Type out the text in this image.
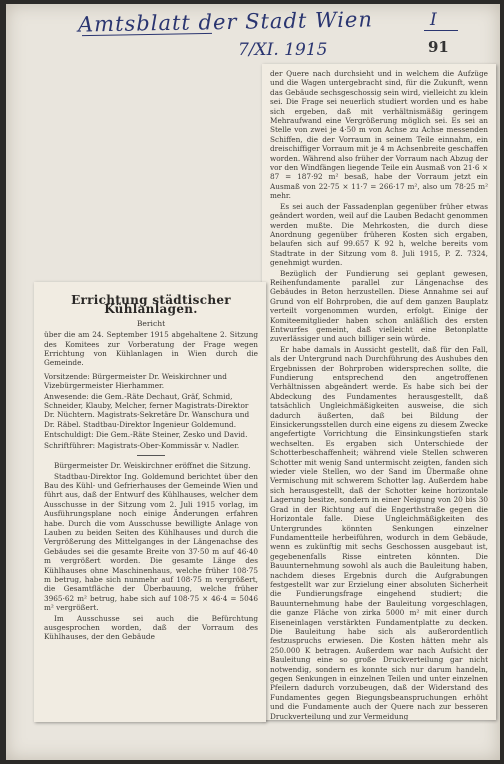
Amtsblatt der Stadt Wien	I
7/XI. 1915	91

der Quere nach durchsieht und in welchem die Aufzüge und die Wagen untergebracht sind, für die Zukunft, wenn das Gebäude sechsgeschossig sein wird, vielleicht zu klein sei. Die Frage sei neuerlich studiert worden und es habe sich ergeben, daß mit verhältnismäßig geringem Mehraufwand eine Vergrößerung möglich sei. Es sei an Stelle von zwei je 4·50 m von Achse zu Achse messenden Schiffen, die der Vorraum in seinem Teile einnahm, ein dreischiffiger Vorraum mit je 4 m Achsenbreite geschaffen worden. Während also früher der Vorraum nach Abzug der vor den Windfängen liegende Teile ein Ausmaß von 21·6 × 87 = 187·92 m² besaß, habe der Vorraum jetzt ein Ausmaß von 22·75 × 11·7 = 266·17 m², also um 78·25 m² mehr.

Es sei auch der Fassadenplan gegenüber früher etwas geändert worden, weil auf die Lauben Bedacht genommen werden mußte. Die Mehrkosten, die durch diese Anordnung gegenüber früheren Kosten sich ergaben, belaufen sich auf 99.657 K 92 h, welche bereits vom Stadtrate in der Sitzung vom 8. Juli 1915, P. Z. 7324, genehmigt wurden.

Bezüglich der Fundierung sei geplant gewesen, Reihenfundamente parallel zur Längenachse des Gebäudes in Beton herzustellen. Diese Annahme sei auf Grund von elf Bohrproben, die auf dem ganzen Bauplatz verteilt vorgenommen wurden, erfolgt. Einige der Komiteemitglieder haben schon anläßlich des ersten Entwurfes gemeint, daß vielleicht eine Betonplatte zuverlässiger und auch billiger sein würde.

Er habe damals in Aussicht gestellt, daß für den Fall, als der Untergrund nach Durchführung des Aushubes den Ergebnissen der Bohrproben widersprechen sollte, die Fundierung entsprechend den angetroffenen Verhältnissen abgeändert werde. Es habe sich bei der Abdeckung des Fundamentes herausgestellt, daß tatsächlich Ungleichmäßigkeiten ausweise, die sich dadurch äußerten, daß bei Bildung der Einsickerungsstellen durch eine eigens zu diesem Zwecke angefertigte Vorrichtung die Einsinkungstiefen stark wechselten. Es ergaben sich Unterschiede der Schotterbeschaffenheit; während viele Stellen schweren Schotter mit wenig Sand untermischt zeigten, fanden sich wieder viele Stellen, wo der Sand im Übermaße ohne Vermischung mit schwerem Schotter lag. Außerdem habe sich herausgestellt, daß der Schotter keine horizontale Lagerung besitze, sondern in einer Neigung von 20 bis 30 Grad in der Richtung auf die Engerthstraße gegen die Horizontale falle. Diese Ungleichmäßigkeiten des Untergrundes könnten Senkungen einzelner Fundamentteile herbeiführen, wodurch in dem Gebäude, wenn es zukünftig mit sechs Geschossen ausgebaut ist, gegebenenfalls Risse eintreten könnten. Die Bauunternehmung sowohl als auch die Bauleitung haben, nachdem dieses Ergebnis durch die Aufgrabungen festgestellt war zur Erzielung einer absoluten Sicherheit die Fundierungsfrage eingehend studiert; die Bauunternehmung habe der Bauleitung vorgeschlagen, die ganze Fläche von zirka 5000 m² mit einer durch Eiseneinlagen verstärkten Fundamentplatte zu decken. Die Bauleitung habe sich als außerordentlich festzuspruchs erwiesen. Die Kosten hätten mehr als 250.000 K betragen. Außerdem war nach Aufsicht der Bauleitung eine so große Druckverteilung gar nicht notwendig, sondern es konnte sich nur darum handeln, gegen Senkungen in einzelnen Teilen und unter einzelnen Pfeilern dadurch vorzubeugen, daß der Widerstand des Fundamentes gegen Biegungsbeanspruchungen erhöht und die Fundamente auch der Quere nach zur besseren Druckverteilung und zur Vermeidung

Errichtung städtischer Kühlanlagen.
Bericht
über die am 24. September 1915 abgehaltene 2. Sitzung des Komitees zur Vorberatung der Frage wegen Errichtung von Kühlanlagen in Wien durch die Gemeinde.
Vorsitzende: Bürgermeister Dr. Weiskirchner und Vizebürgermeister Hierhammer.
Anwesende: die Gem.-Räte Dechaut, Gräf, Schmid, Schneider, Klauby, Melcher, ferner Magistrats-Direktor Dr. Nüchtern. Magistrats-Sekretäre Dr. Wanschura und Dr. Räbel. Stadtbau-Direktor Ingenieur Goldemund.
Entschuldigt: Die Gem.-Räte Steiner, Zesko und David.
Schriftführer: Magistrats-Ober-Kommissär v. Nadler.

Bürgermeister Dr. Weiskirchner eröffnet die Sitzung.

Stadtbau-Direktor Ing. Goldemund berichtet über den Bau des Kühl- und Gefrierhauses der Gemeinde Wien und führt aus, daß der Entwurf des Kühlhauses, welcher dem Ausschusse in der Sitzung vom 2. Juli 1915 vorlag, im Ausführungsplane noch einige Änderungen erfahren habe. Durch die vom Ausschusse bewilligte Anlage von Lauben zu beiden Seiten des Kühlhauses und durch die Vergrößerung des Mittelganges in der Längenachse des Gebäudes sei die gesamte Breite von 37·50 m auf 46·40 m vergrößert worden. Die gesamte Länge des Kühlhauses ohne Maschinenhaus, welche früher 108·75 m betrug, habe sich nunmehr auf 108·75 m vergrößert, die Gesamtfläche der Überbauung, welche früher 3965·62 m² betrug, habe sich auf 108·75 × 46·4 = 5046 m² vergrößert.

Im Ausschusse sei auch die Befürchtung ausgesprochen worden, daß der Vorraum des Kühlhauses, der den Gebäude
